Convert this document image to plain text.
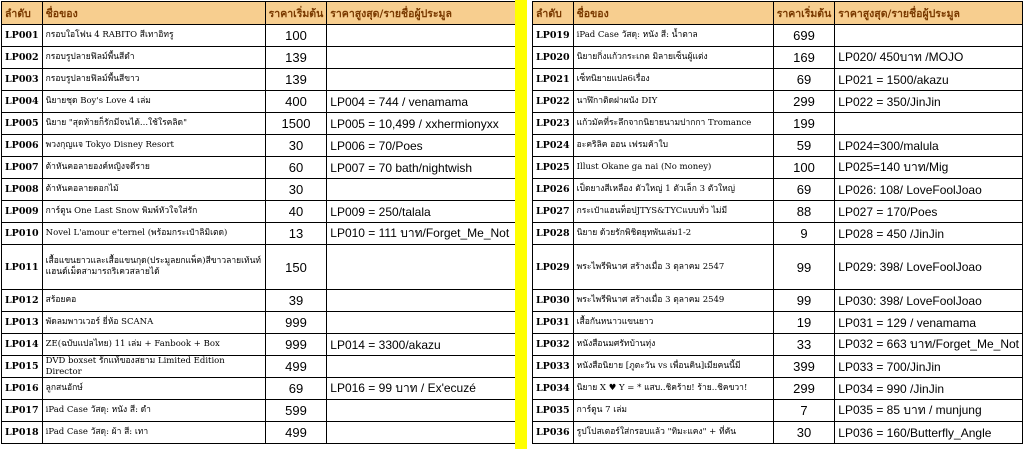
ลำดับ	ชื่อของ	ราคาเริ่มต้น	ราคาสูงสุด/รายชื่อผู้ประมูล
LP001	กรอบใอโฟน 4 RABITO สีเทาอิทรู	100	
LP002	กรอบรูปลายฟิลม์พื้นสีดำ	139	
LP003	กรอบรูปลายฟิลม์พื้นสีขาว	139	
LP004	นิยายชุด Boy's Love 4 เล่ม	400	LP004 = 744 / venamama
LP005	นิยาย "สุดท้ายก็รักมีจนได้...ใช้ใรคลิด"	1500	LP005 = 10,499 / xxhermionyxx
LP006	พวงกุญแจ Tokyo Disney Resort	30	LP006 = 70/Poes
LP007	ต้าหันคอลายองค์หญิงจดีราย	60	LP007 = 70 bath/nightwish
LP008	ต้าหันคอลายดอกไม้	30	
LP009	การ์ตูน One Last Snow พิมพ์หัวใจใส่รัก	40	LP009 = 250/talala
LP010	Novel L'amour e'ternel (พร้อมกระเป๋าลิมิเตด)	13	LP010 = 111 บาท/Forget_Me_Not
LP011	เสื้อแขนยาวและเสื้อแขนกุด(ประมูลยกแพ็ค)สีขาวลายเท้นท์แฮนด์เม็ดสามารถริเควสลายได้	150	
LP012	สร้อยคอ	39	
LP013	พัดลมพาวเวอร์ ยี่ห้อ SCANA	999	
LP014	ZE(ฉบับแปลไทย) 11 เล่ม + Fanbook + Box	999	LP014 = 3300/akazu
LP015	DVD boxset รักแท้ของสยาม Limited Edition Director	499	
LP016	ลูกสนอักษ์	69	LP016 = 99 บาท / Ex'ecuzé
LP017	iPad Case วัสดุ: หนัง สี: ดำ	599	
LP018	iPad Case วัสดุ: ผ้า สี: เทา	499	
ลำดับ	ชื่อของ	ราคาเริ่มต้น	ราคาสูงสุด/รายชื่อผู้ประมูล
LP019	iPad Case วัสดุ: หนัง สี: น้ำตาล	699	
LP020	นิยายกิ่งแก้วกระเกต มิลายเซ็นผู้แต่ง	169	LP020/ 450บาท /MOJO
LP021	เซ็ทนิยายแปล6เรื่อง	69	LP021 = 1500/akazu
LP022	นาฬิกาติดฝาผนัง DIY	299	LP022 = 350/JinJin
LP023	แก้วมัคที่ระลึกจากนิยายนามปากกา Tromance	199	
LP024	อะคริลิค ออน เฟรมค้าใบ	59	LP024=300/malula
LP025	Illust Okane ga nai (No money)	100	LP025=140 บาท/Mig
LP026	เป็ดยางสีเหลือง ตัวใหญ่ 1 ตัวเล็ก 3 ตัวใหญ่	69	LP026: 108/ LoveFoolJoao
LP027	กระเป๋าแฮนท็อปJTYS&TYCแบบทั่ว ไม่มี	88	LP027 = 170/Poes
LP028	นิยาย ด้วยรักพิชิตยุทพันเล่ม1-2	9	LP028 = 450 /JinJin
LP029	พระไพรีพินาศ สร้างเมื่อ 3 ตุลาคม 2547	99	LP029: 398/ LoveFoolJoao
LP030	พระไพรีพินาศ สร้างเมื่อ 3 ตุลาคม 2549	99	LP030: 398/ LoveFoolJoao
LP031	เสื้อกันหนาวแขนยาว	19	LP031 = 129 / venamama
LP032	หนังสือนมศรัทบ้านทุ่ง	33	LP032 = 663 บาท/Forget_Me_Not
LP033	หนังสือนิยาย [ภูตะวัน vs เพื่อนคิน]เมียคนนี้มี	399	LP033 = 700/JinJin
LP034	นิยาย X ♥ Y = * แสบ..ชิคร้าย! ร้าย..ชิคขวา!	299	LP034 = 990 /JinJin
LP035	การ์ตูน 7 เล่ม	7	LP035 = 85 บาท / munjung
LP036	รูปโปสเตอร์ใส่กรอบแล้ว "ทิมะแคง" + ที่คัน	30	LP036 = 160/Butterfly_Angle
